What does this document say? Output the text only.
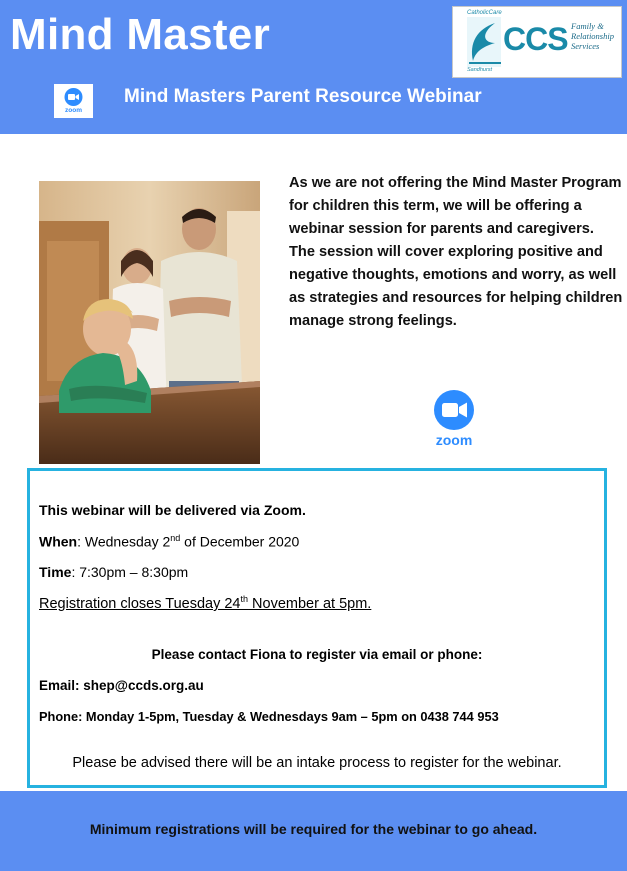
Mind Master	CatholicCare
CCS Family &
Relationship
Services
Sandhurst
zoom
Mind Masters Parent Resource Webinar
As we are not offering the Mind Master Program for children this term, we will be offering a webinar session for parents and caregivers. The session will cover exploring positive and negative thoughts, emotions and worry, as well as strategies and resources for helping children manage strong feelings.
zoom
This webinar will be delivered via Zoom.
When: Wednesday 2nd of December 2020
Time: 7:30pm – 8:30pm
Registration closes Tuesday 24th November at 5pm.
Please contact Fiona to register via email or phone:
Email: shep@ccds.org.au
Phone: Monday 1-5pm, Tuesday & Wednesdays 9am – 5pm on 0438 744 953
Please be advised there will be an intake process to register for the webinar.
Minimum registrations will be required for the webinar to go ahead.
